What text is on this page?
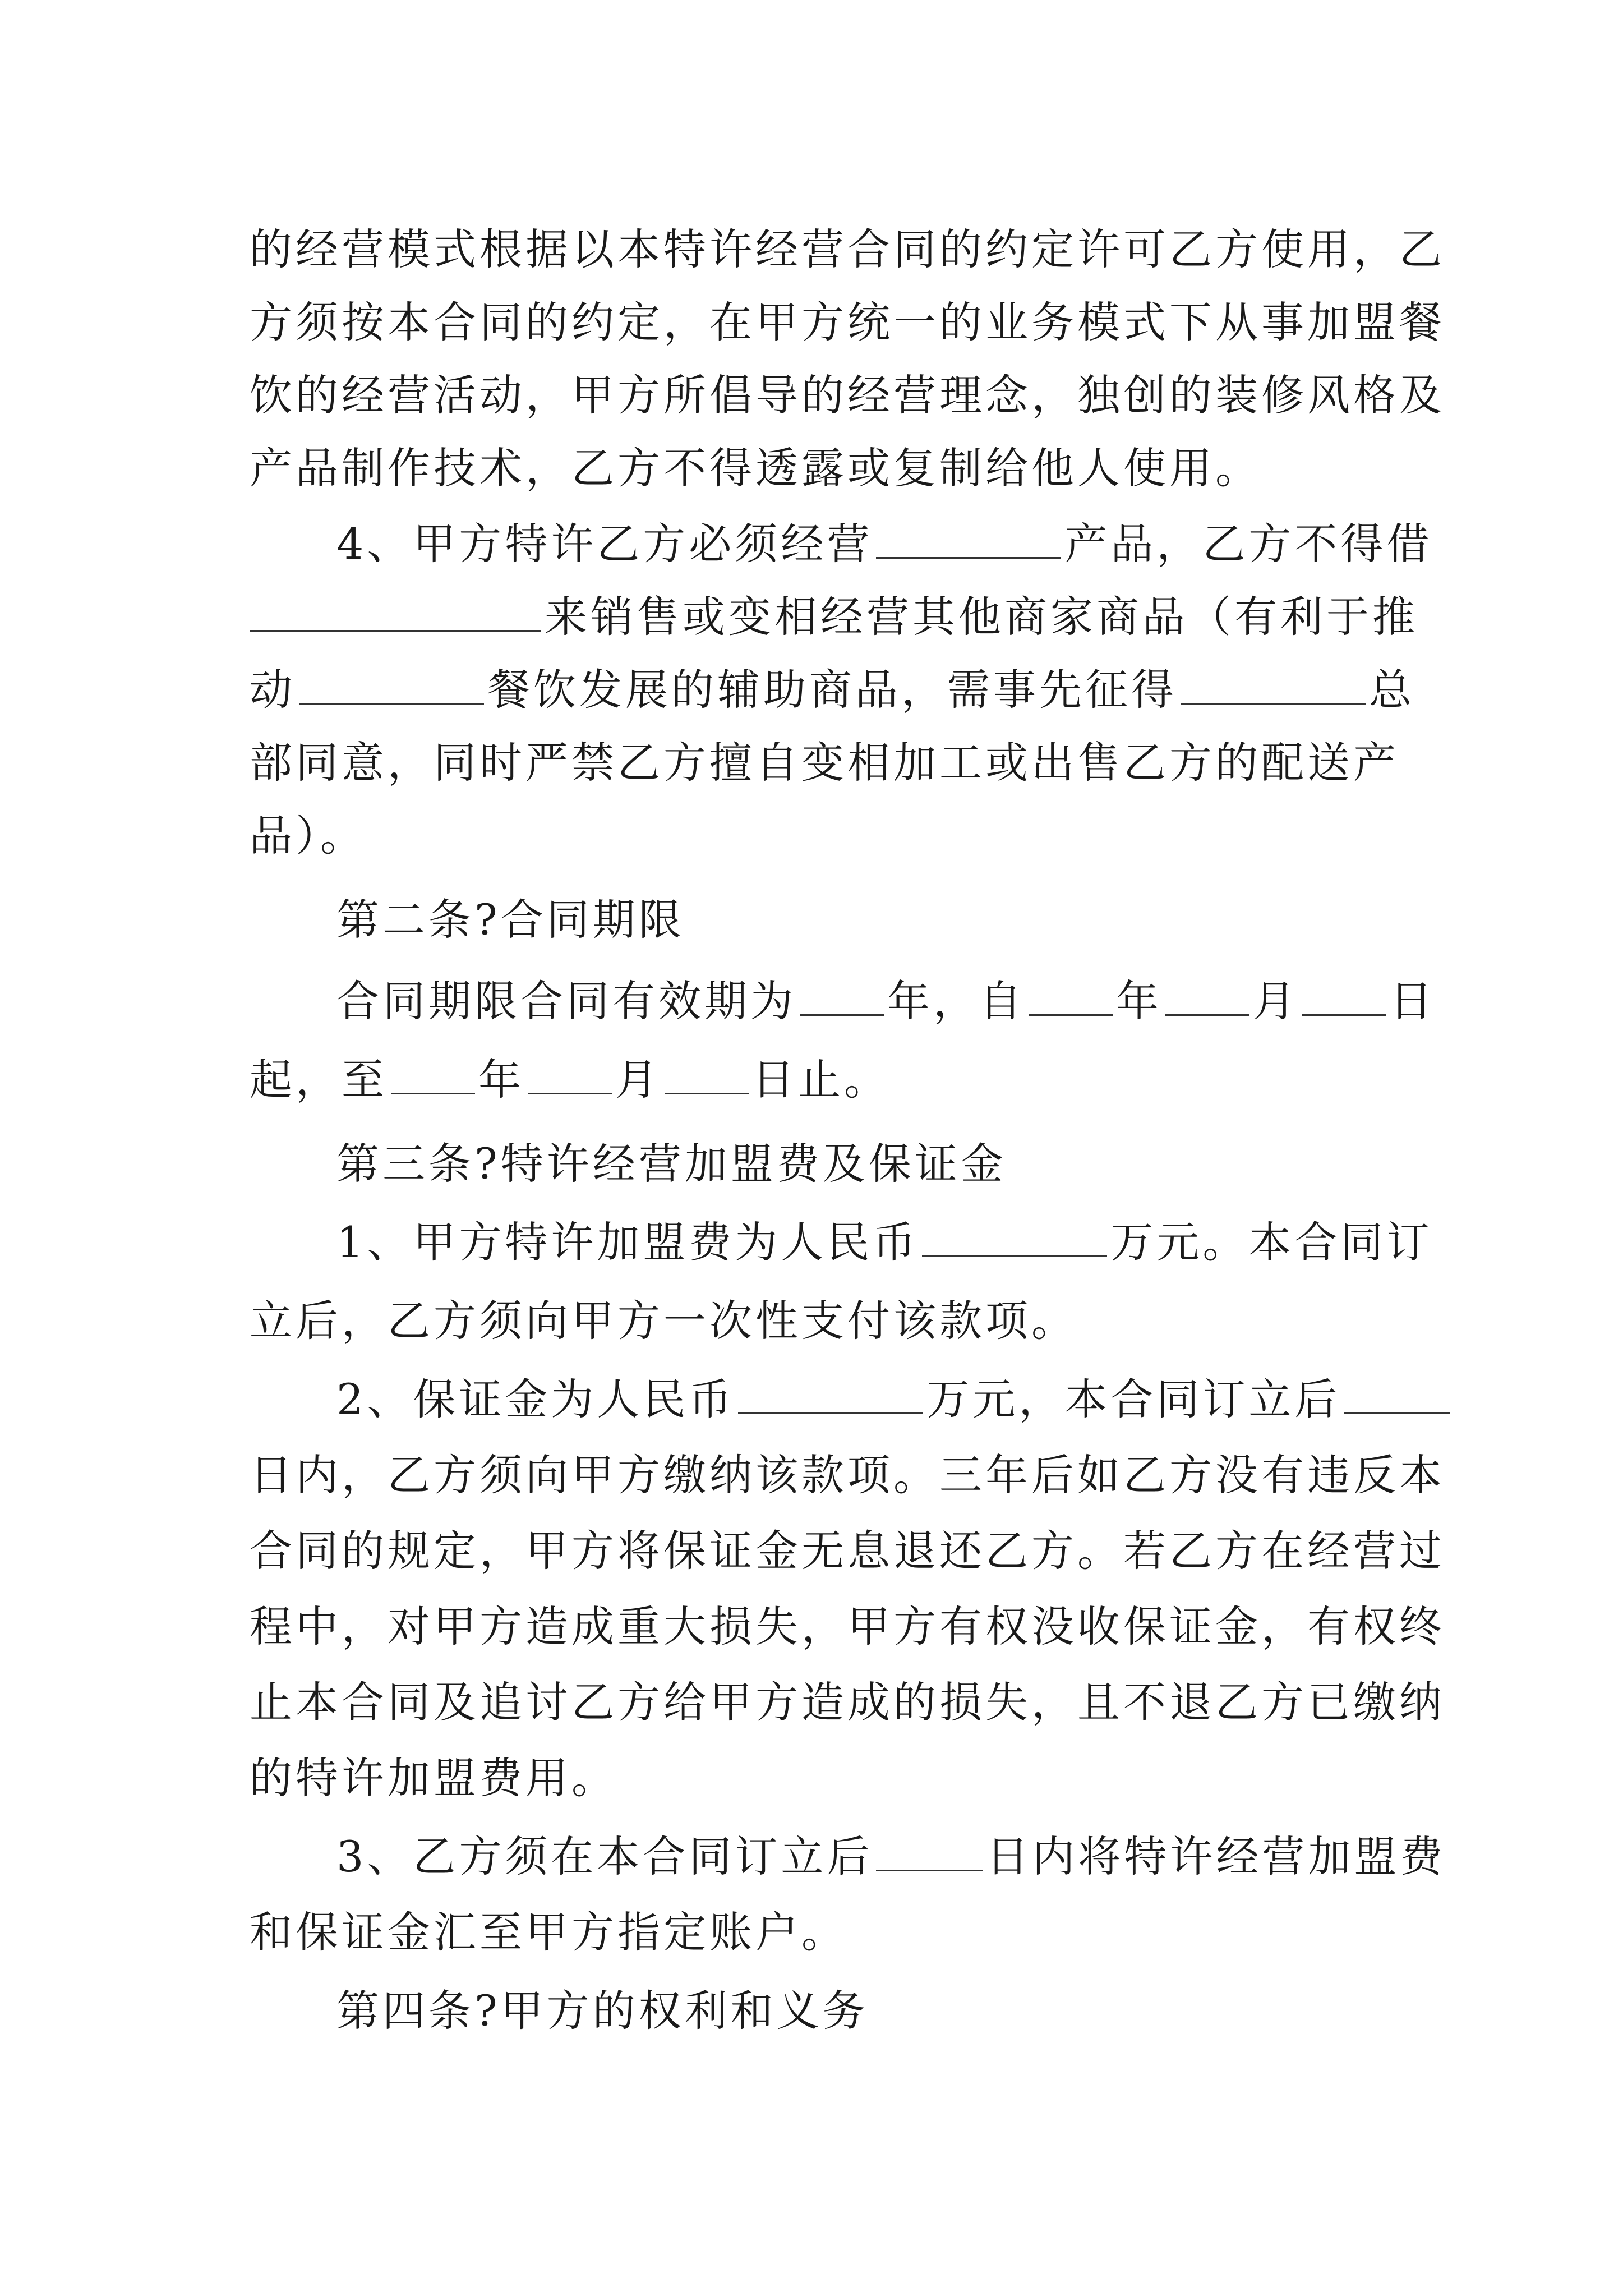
的经营模式根据以本特许经营合同的约定许可乙方使用，乙
方须按本合同的约定，在甲方统一的业务模式下从事加盟餐
饮的经营活动，甲方所倡导的经营理念，独创的装修风格及
产品制作技术，乙方不得透露或复制给他人使用。
4、甲方特许乙方必须经营	产品，乙方不得借
来销售或变相经营其他商家商品（有利于推
动	餐饮发展的辅助商品，需事先征得	总
部同意，同时严禁乙方擅自变相加工或出售乙方的配送产
品）。
第二条?合同期限
合同期限合同有效期为 年，自 年 月 日
起，至 年 月 日止。
第三条?特许经营加盟费及保证金
1、甲方特许加盟费为人民币	万元。本合同订
立后，乙方须向甲方一次性支付该款项。
2、保证金为人民币	万元，本合同订立后
日内，乙方须向甲方缴纳该款项。三年后如乙方没有违反本
合同的规定，甲方将保证金无息退还乙方。若乙方在经营过
程中，对甲方造成重大损失，甲方有权没收保证金，有权终
止本合同及追讨乙方给甲方造成的损失，且不退乙方已缴纳
的特许加盟费用。
3、乙方须在本合同订立后	日内将特许经营加盟费
和保证金汇至甲方指定账户。
第四条?甲方的权利和义务
